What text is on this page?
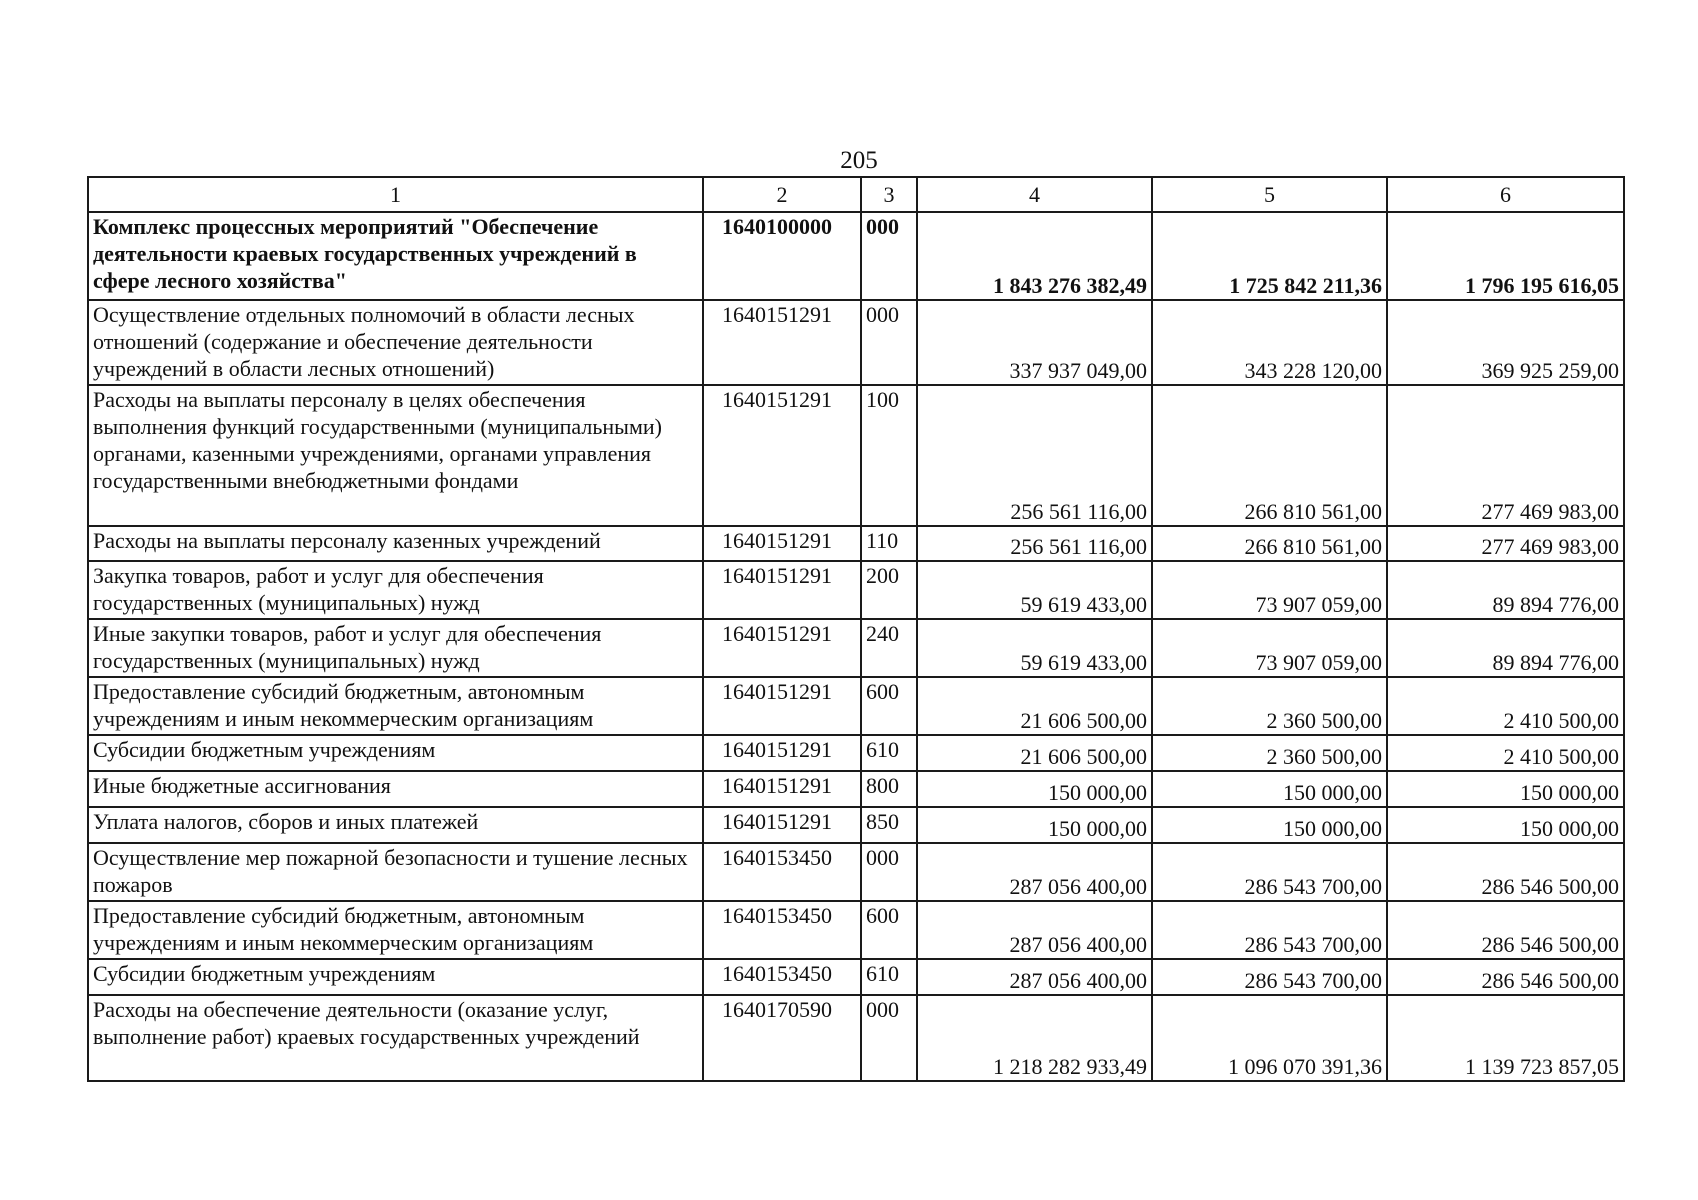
205
1	2	3	4	5	6
Комплекс процессных мероприятий "Обеспечение деятельности краевых государственных учреждений в сфере лесного хозяйства"	1640100000	000	1 843 276 382,49	1 725 842 211,36	1 796 195 616,05
Осуществление отдельных полномочий в области лесных отношений (содержание и обеспечение деятельности учреждений в области лесных отношений)	1640151291	000	337 937 049,00	343 228 120,00	369 925 259,00
Расходы на выплаты персоналу в целях обеспечения выполнения функций государственными (муниципальными) органами, казенными учреждениями, органами управления государственными внебюджетными фондами	1640151291	100	256 561 116,00	266 810 561,00	277 469 983,00
Расходы на выплаты персоналу казенных учреждений	1640151291	110	256 561 116,00	266 810 561,00	277 469 983,00
Закупка товаров, работ и услуг для обеспечения государственных (муниципальных) нужд	1640151291	200	59 619 433,00	73 907 059,00	89 894 776,00
Иные закупки товаров, работ и услуг для обеспечения государственных (муниципальных) нужд	1640151291	240	59 619 433,00	73 907 059,00	89 894 776,00
Предоставление субсидий бюджетным, автономным учреждениям и иным некоммерческим организациям	1640151291	600	21 606 500,00	2 360 500,00	2 410 500,00
Субсидии бюджетным учреждениям	1640151291	610	21 606 500,00	2 360 500,00	2 410 500,00
Иные бюджетные ассигнования	1640151291	800	150 000,00	150 000,00	150 000,00
Уплата налогов, сборов и иных платежей	1640151291	850	150 000,00	150 000,00	150 000,00
Осуществление мер пожарной безопасности и тушение лесных пожаров	1640153450	000	287 056 400,00	286 543 700,00	286 546 500,00
Предоставление субсидий бюджетным, автономным учреждениям и иным некоммерческим организациям	1640153450	600	287 056 400,00	286 543 700,00	286 546 500,00
Субсидии бюджетным учреждениям	1640153450	610	287 056 400,00	286 543 700,00	286 546 500,00
Расходы на обеспечение деятельности (оказание услуг, выполнение работ) краевых государственных учреждений	1640170590	000	1 218 282 933,49	1 096 070 391,36	1 139 723 857,05
